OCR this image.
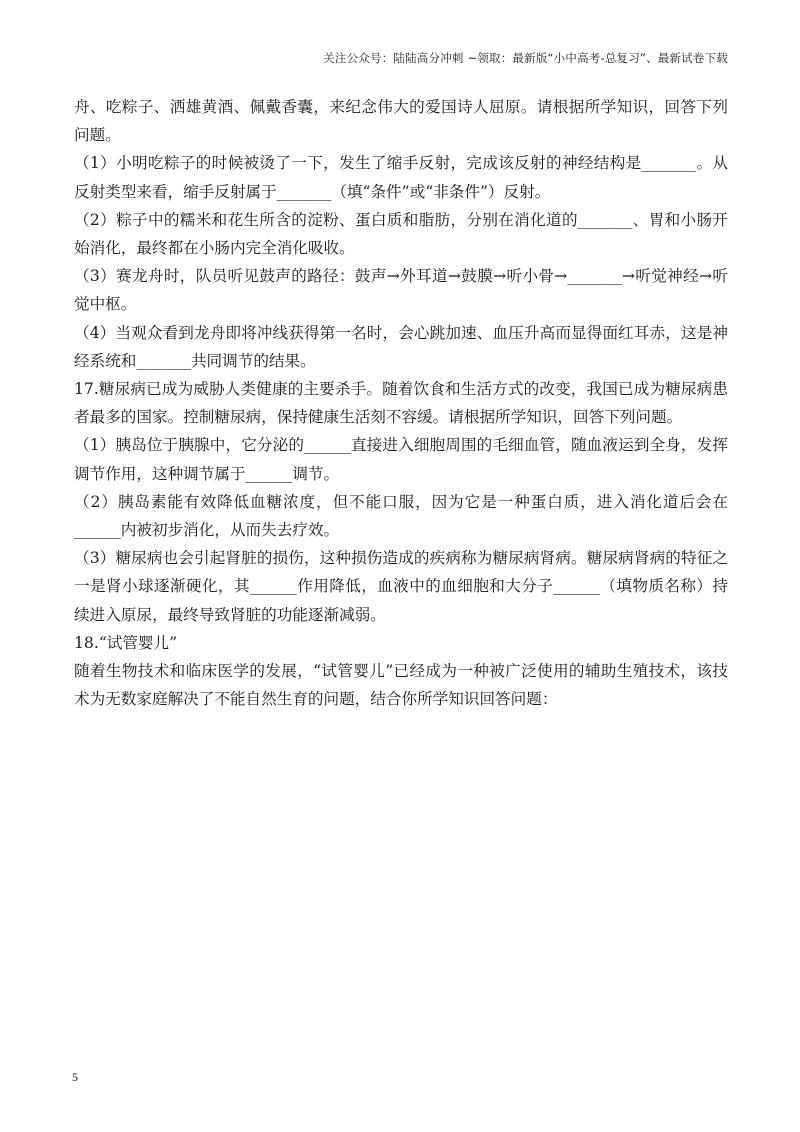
关注公众号：陆陆高分冲刺 ~领取：最新版“小中高考-总复习”、最新试卷下载

舟、吃粽子、洒雄黄酒、佩戴香囊，来纪念伟大的爱国诗人屈原。请根据所学知识，回答下列问题。

（1）小明吃粽子的时候被烫了一下，发生了缩手反射，完成该反射的神经结构是_______。从反射类型来看，缩手反射属于_______（填“条件”或“非条件”）反射。

（2）粽子中的糯米和花生所含的淀粉、蛋白质和脂肪，分别在消化道的_______、胃和小肠开始消化，最终都在小肠内完全消化吸收。

（3）赛龙舟时，队员听见鼓声的路径：鼓声→外耳道→鼓膜→听小骨→_______→听觉神经→听觉中枢。

（4）当观众看到龙舟即将冲线获得第一名时，会心跳加速、血压升高而显得面红耳赤，这是神经系统和_______共同调节的结果。

17.糖尿病已成为威胁人类健康的主要杀手。随着饮食和生活方式的改变，我国已成为糖尿病患者最多的国家。控制糖尿病，保持健康生活刻不容缓。请根据所学知识，回答下列问题。

（1）胰岛位于胰腺中，它分泌的______直接进入细胞周围的毛细血管，随血液运到全身，发挥调节作用，这种调节属于______调节。

（2）胰岛素能有效降低血糖浓度，但不能口服，因为它是一种蛋白质，进入消化道后会在______内被初步消化，从而失去疗效。

（3）糖尿病也会引起肾脏的损伤，这种损伤造成的疾病称为糖尿病肾病。糖尿病肾病的特征之一是肾小球逐渐硬化，其______作用降低，血液中的血细胞和大分子______（填物质名称）持续进入原尿，最终导致肾脏的功能逐渐减弱。

18.“试管婴儿”

随着生物技术和临床医学的发展，“试管婴儿”已经成为一种被广泛使用的辅助生殖技术，该技术为无数家庭解决了不能自然生育的问题，结合你所学知识回答问题：

5
